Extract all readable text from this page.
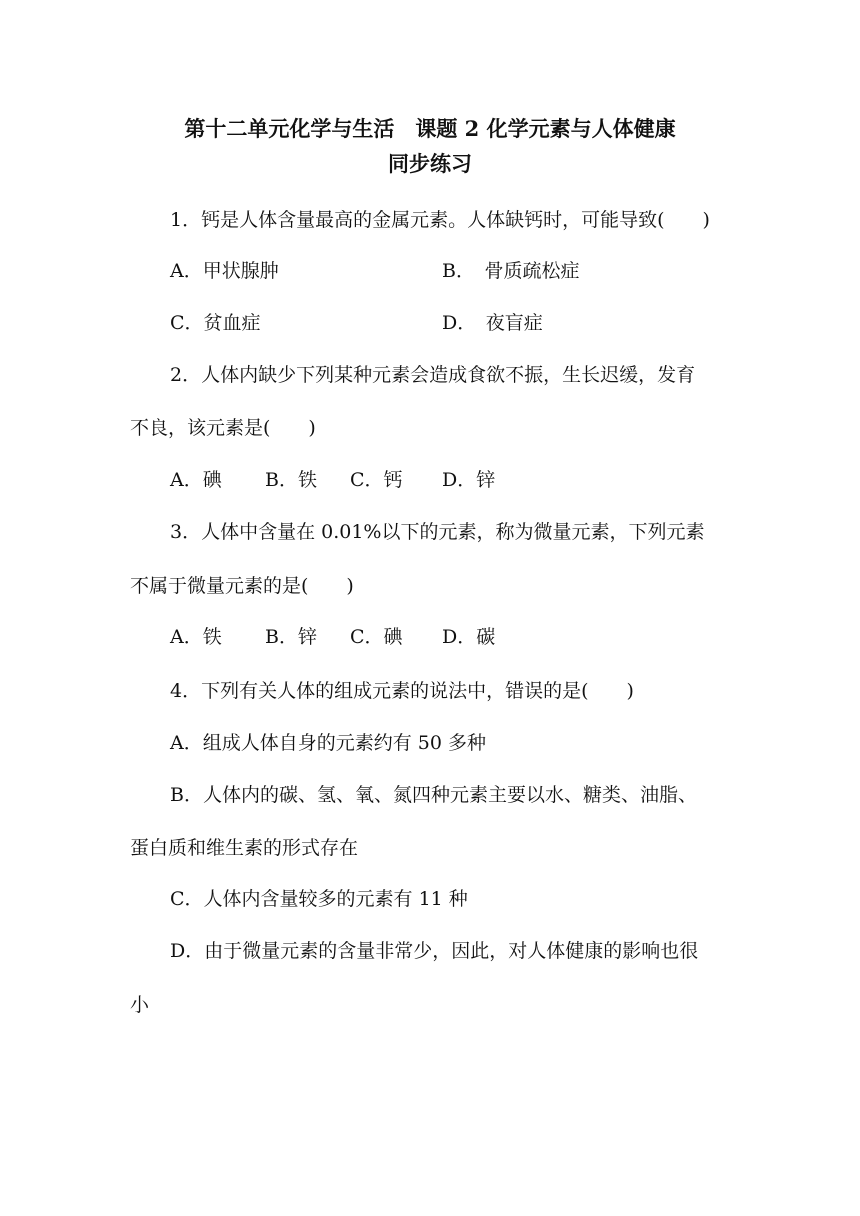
第十二单元化学与生活　课题 2 化学元素与人体健康
同步练习
1．钙是人体含量最高的金属元素。人体缺钙时，可能导致(　　)
A．甲状腺肿	B．　骨质疏松症
C．贫血症	D．　夜盲症
2．人体内缺少下列某种元素会造成食欲不振，生长迟缓，发育
不良，该元素是(　　)
A．碘 B．铁 C．钙 D．锌
3．人体中含量在 0.01%以下的元素，称为微量元素，下列元素
不属于微量元素的是(　　)
A．铁 B．锌 C．碘 D．碳
4．下列有关人体的组成元素的说法中，错误的是(　　)
A．组成人体自身的元素约有 50 多种
B．人体内的碳、氢、氧、氮四种元素主要以水、糖类、油脂、
蛋白质和维生素的形式存在
C．人体内含量较多的元素有 11 种
D．由于微量元素的含量非常少，因此，对人体健康的影响也很
小
